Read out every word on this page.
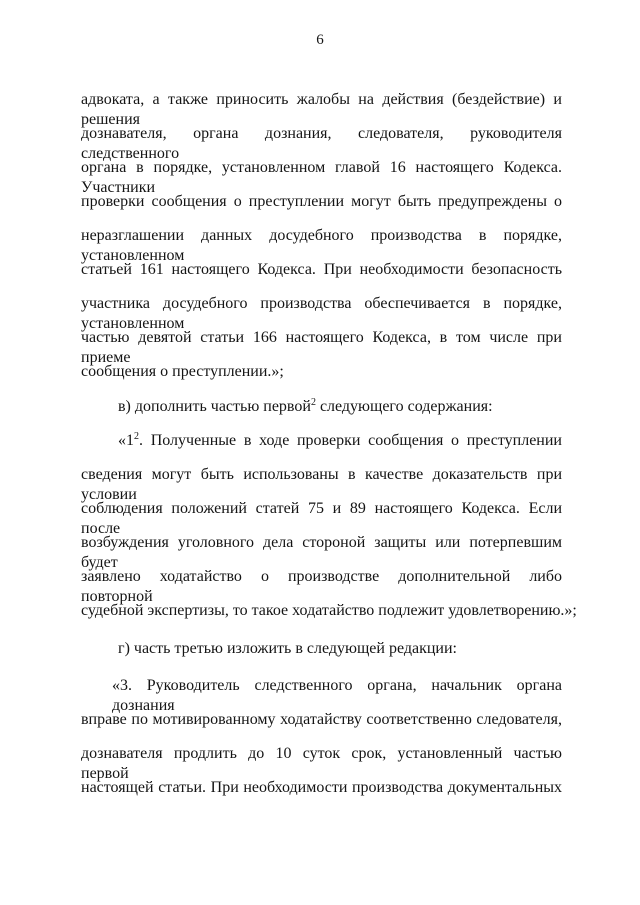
6
адвоката, а также приносить жалобы на действия (бездействие) и решения
дознавателя, органа дознания, следователя, руководителя следственного
органа в порядке, установленном главой 16 настоящего Кодекса. Участники
проверки сообщения о преступлении могут быть предупреждены о
неразглашении данных досудебного производства в порядке, установленном
статьей 161 настоящего Кодекса. При необходимости безопасность
участника досудебного производства обеспечивается в порядке, установленном
частью девятой статьи 166 настоящего Кодекса, в том числе при приеме
сообщения о преступлении.»;
в) дополнить частью первой$^2$ следующего содержания:
«$1^2$. Полученные в ходе проверки сообщения о преступлении
сведения могут быть использованы в качестве доказательств при условии
соблюдения положений статей 75 и 89 настоящего Кодекса. Если после
возбуждения уголовного дела стороной защиты или потерпевшим будет
заявлено ходатайство о производстве дополнительной либо повторной
судебной экспертизы, то такое ходатайство подлежит удовлетворению.»;
г) часть третью изложить в следующей редакции:
«3. Руководитель следственного органа, начальник органа дознания
вправе по мотивированному ходатайству соответственно следователя,
дознавателя продлить до 10 суток срок, установленный частью первой
настоящей статьи. При необходимости производства документальных
